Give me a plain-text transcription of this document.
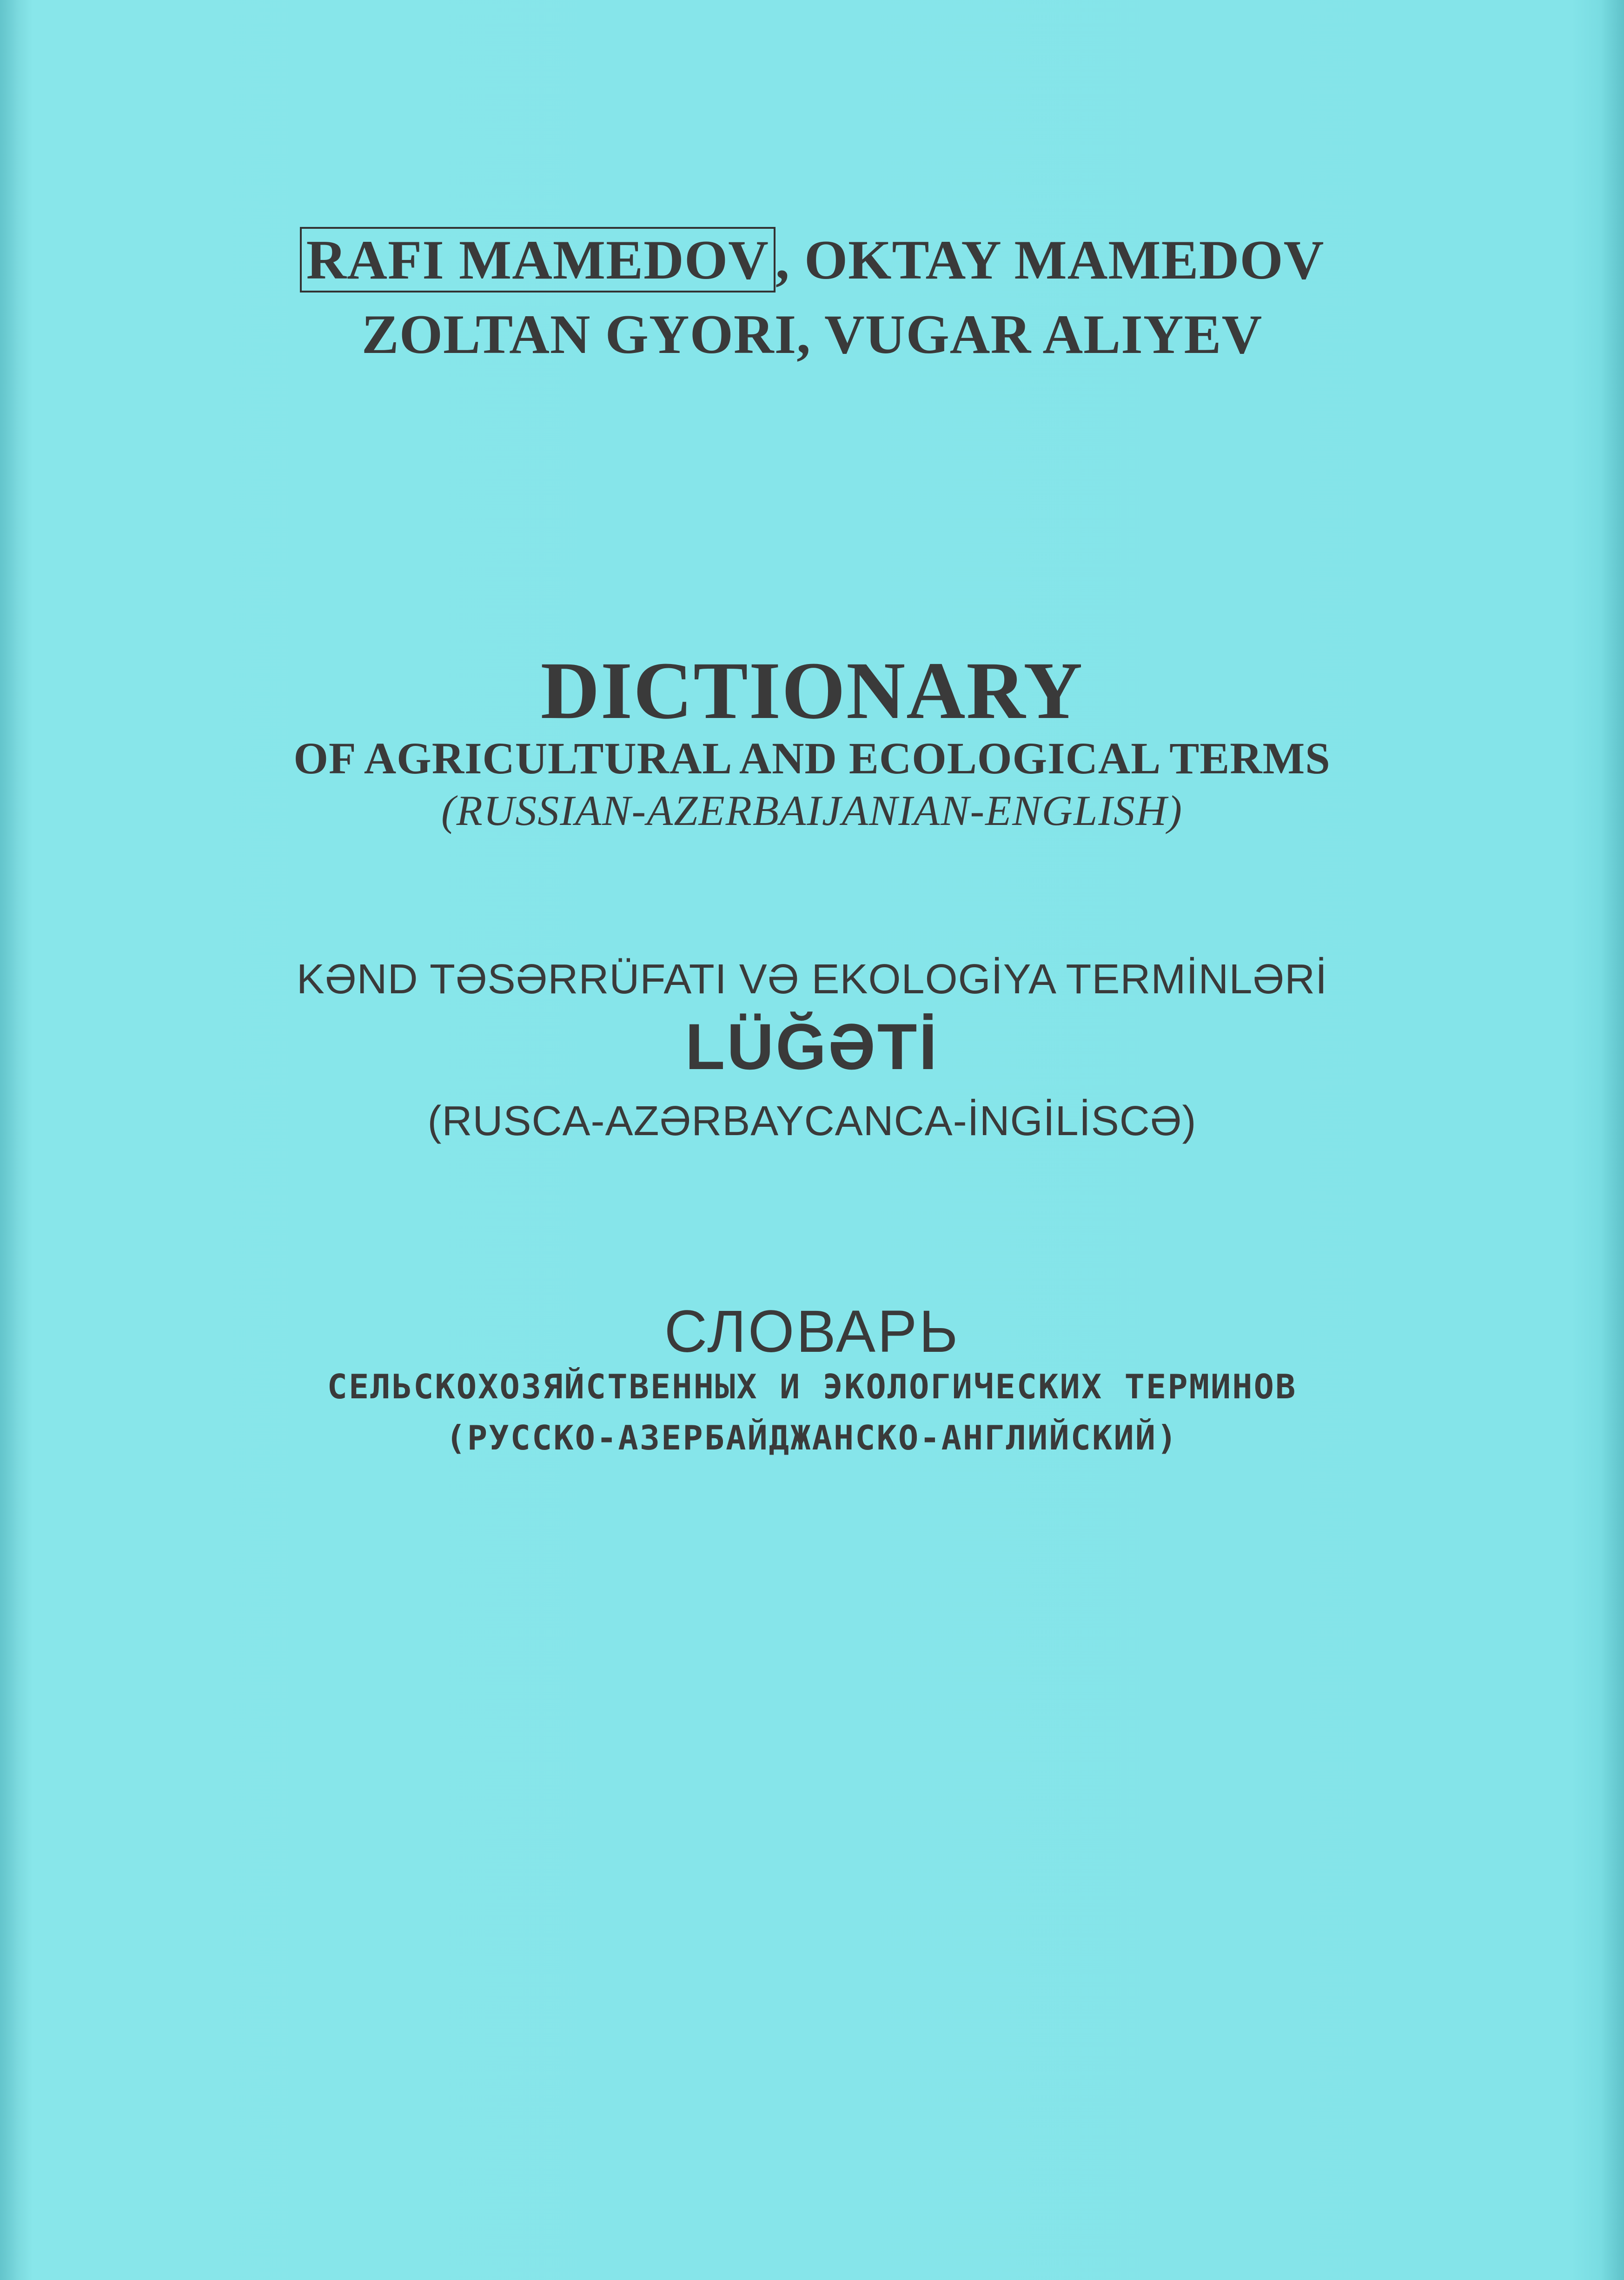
RAFI MAMEDOV , OKTAY MAMEDOV
ZOLTAN GYORI, VUGAR ALIYEV
DICTIONARY
OF AGRICULTURAL AND ECOLOGICAL TERMS
(RUSSIAN-AZERBAIJANIAN-ENGLISH)
KƏND TƏSƏRRÜFATI VƏ EKOLOGİYA TERMİNLƏRİ
LÜĞƏTİ
(RUSCA-AZƏRBAYCANCA-İNGİLİSCƏ)
СЛОВАРЬ
СЕЛЬСКОХОЗЯЙСТВЕННЫХ И ЭКОЛОГИЧЕСКИХ ТЕРМИНОВ
(РУССКО-АЗЕРБАЙДЖАНСКО-АНГЛИЙСКИЙ)
